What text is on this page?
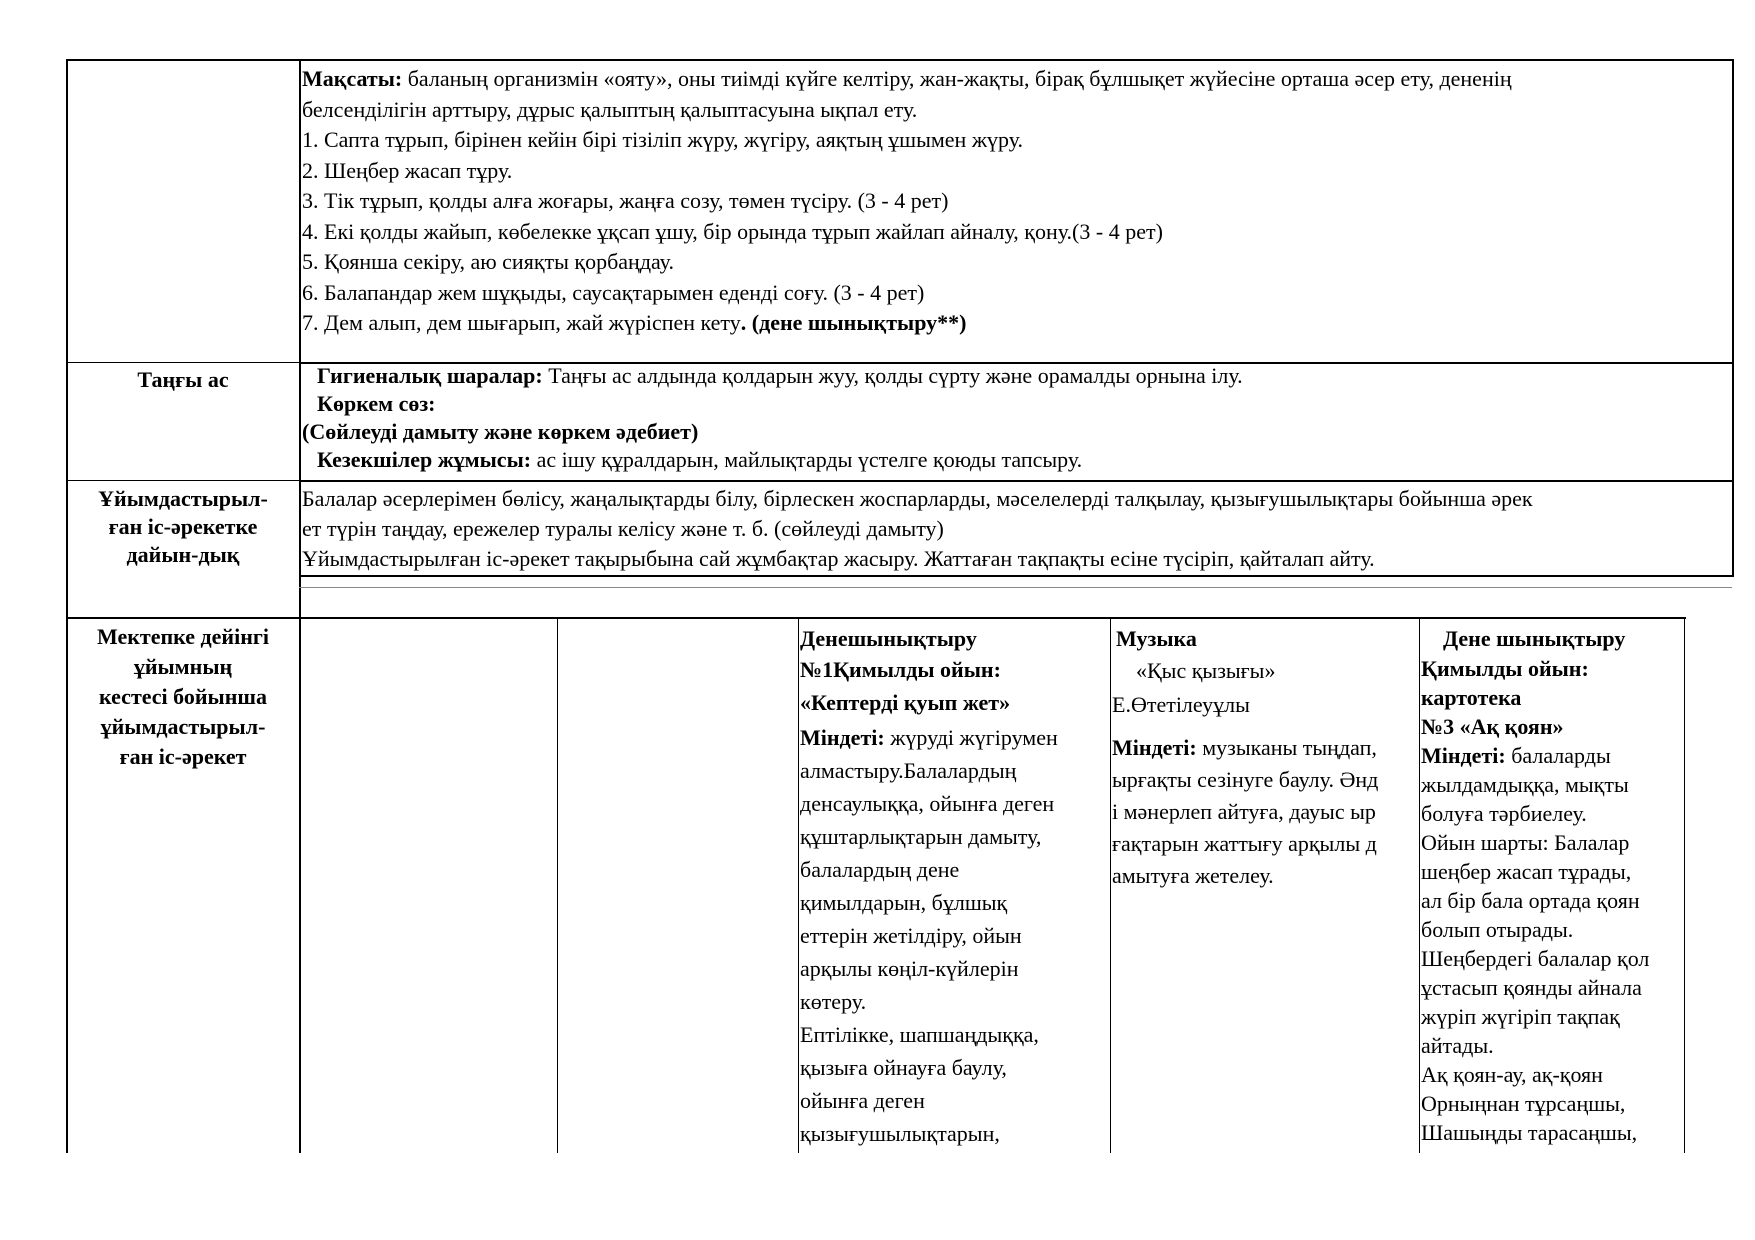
Мақсаты: баланың организмін «ояту», оны тиімді күйге келтіру, жан-жақты, бірақ бұлшықет жүйесіне орташа әсер ету, дененің
белсенділігін арттыру, дұрыс қалыптың қалыптасуына ықпал ету.
1. Сапта тұрып, бірінен кейін бірі тізіліп жүру, жүгіру, аяқтың ұшымен жүру.
2. Шеңбер жасап тұру.
3. Тік тұрып, қолды алға жоғары, жаңға созу, төмен түсіру. (3 - 4 рет)
4. Екі қолды жайып, көбелекке ұқсап ұшу, бір орында тұрып жайлап айналу, қону.(3 - 4 рет)
5. Қоянша секіру, аю сияқты қорбаңдау.
6. Балапандар жем шұқыды, саусақтарымен еденді соғу. (3 - 4 рет)
7. Дем алып, дем шығарып, жай жүріспен кету. (дене шынықтыру**)
Таңғы ас	Гигиеналық шаралар: Таңғы ас алдында қолдарын жуу, қолды сүрту және орамалды орнына ілу.
Көркем сөз:
(Сөйлеуді дамыту және көркем әдебиет)
Кезекшілер жұмысы: ас ішу құралдарын, майлықтарды үстелге қоюды тапсыру.
Ұйымдастырыл-
ған іс-әрекетке
дайын-дық
Балалар әсерлерімен бөлісу, жаңалықтарды білу, бірлескен жоспарларды, мәселелерді талқылау, қызығушылықтары бойынша әрек
ет түрін таңдау, ережелер туралы келісу және т. б. (сөйлеуді дамыту)
Ұйымдастырылған іс-әрекет тақырыбына сай жұмбақтар жасыру. Жаттаған тақпақты есіне түсіріп, қайталап айту.
Мектепке дейінгі
ұйымның
кестесі бойынша
ұйымдастырыл-
ған іс-әрекет
Денешынықтыру
№1Қимылды ойын:
«Кептерді қуып жет»
Міндеті: жүруді жүгірумен
алмастыру.Балалардың
денсаулыққа, ойынға деген
құштарлықтарын дамыту,
балалардың дене
қимылдарын, бұлшық
еттерін жетілдіру, ойын
арқылы көңіл-күйлерін
көтеру.
Ептілікке, шапшаңдыққа,
қызыға ойнауға баулу,
ойынға деген
қызығушылықтарын,
Музыка
«Қыс қызығы»
Е.Өтетілеуұлы
Міндеті: музыканы тыңдап,
ырғақты сезінуге баулу. Әнд
і мәнерлеп айтуға, дауыс ыр
ғақтарын жаттығу арқылы д
амытуға жетелеу.
Дене шынықтыру
Қимылды ойын:
картотека
№3 «Ақ қоян»
Міндеті: балаларды
жылдамдыққа, мықты
болуға тәрбиелеу.
Ойын шарты: Балалар
шеңбер жасап тұрады,
ал бір бала ортада қоян
болып отырады.
Шеңбердегі балалар қол
ұстасып қоянды айнала
жүріп жүгіріп тақпақ
айтады.
Ақ қоян-ау, ақ-қоян
Орныңнан тұрсаңшы,
Шашыңды тарасаңшы,
